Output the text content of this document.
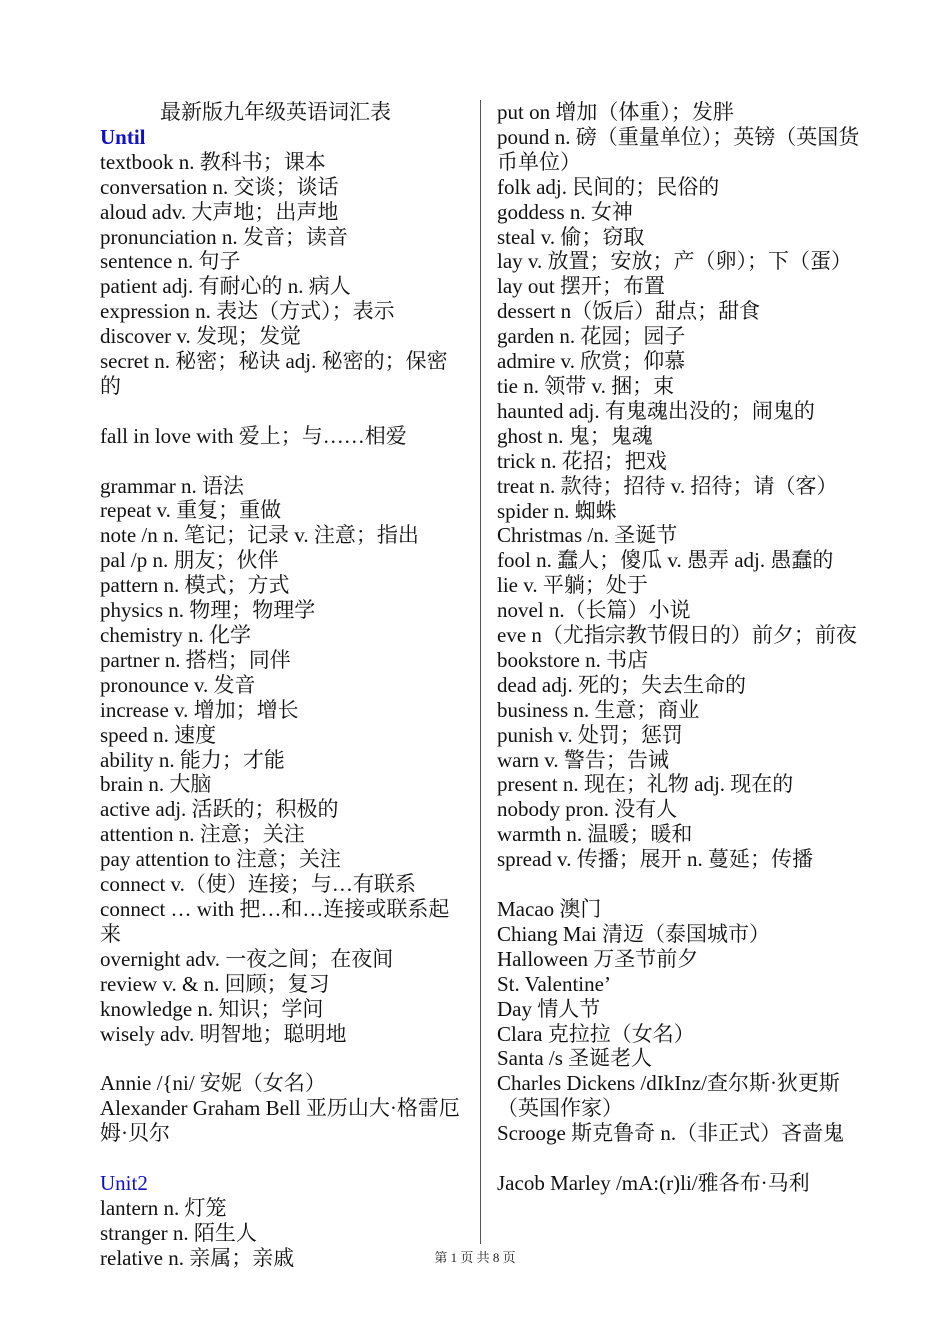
最新版九年级英语词汇表

Until

textbook n. 教科书；课本

conversation n. 交谈；谈话

aloud adv. 大声地；出声地

pronunciation n. 发音；读音

sentence n. 句子

patient adj. 有耐心的 n. 病人

expression n. 表达（方式）；表示

discover v. 发现；发觉

secret n. 秘密；秘诀 adj. 秘密的；保密的

fall in love with 爱上；与……相爱

grammar n. 语法

repeat v. 重复；重做

note /n n. 笔记；记录 v. 注意；指出

pal /p n. 朋友；伙伴

pattern n. 模式；方式

physics n. 物理；物理学

chemistry n. 化学

partner n. 搭档；同伴

pronounce v. 发音

increase v. 增加；增长

speed n. 速度

ability n. 能力；才能

brain n. 大脑

active adj. 活跃的；积极的

attention n. 注意；关注

pay attention to 注意；关注

connect v.（使）连接；与…有联系

connect … with 把…和…连接或联系起来

overnight adv. 一夜之间；在夜间

review v. & n. 回顾；复习

knowledge n. 知识；学问

wisely adv. 明智地；聪明地

Annie /{ni/ 安妮（女名）

Alexander Graham Bell 亚历山大·格雷厄姆·贝尔

Unit2

lantern n. 灯笼

stranger n. 陌生人

relative n. 亲属；亲戚

put on 增加（体重）；发胖

pound n. 磅（重量单位）；英镑（英国货币单位）

folk adj. 民间的；民俗的

goddess n. 女神

steal v. 偷；窃取

lay v. 放置；安放；产（卵）；下（蛋）

lay out 摆开；布置

dessert n（饭后）甜点；甜食

garden n. 花园；园子

admire v. 欣赏；仰慕

tie n. 领带 v. 捆；束

haunted adj. 有鬼魂出没的；闹鬼的

ghost n. 鬼；鬼魂

trick n. 花招；把戏

treat n. 款待；招待 v. 招待；请（客）

spider n. 蜘蛛

Christmas /n. 圣诞节

fool n. 蠢人；傻瓜 v. 愚弄 adj. 愚蠢的

lie v. 平躺；处于

novel n.（长篇）小说

eve n（尤指宗教节假日的）前夕；前夜

bookstore n. 书店

dead adj. 死的；失去生命的

business n. 生意；商业

punish v. 处罚；惩罚

warn v. 警告；告诫

present n. 现在；礼物 adj. 现在的

nobody pron. 没有人

warmth n. 温暖；暖和

spread v. 传播；展开 n. 蔓延；传播

Macao 澳门

Chiang Mai 清迈（泰国城市）

Halloween 万圣节前夕

St. Valentine’

Day 情人节

Clara 克拉拉（女名）

Santa /s 圣诞老人

Charles Dickens /dIkInz/查尔斯·狄更斯（英国作家）

Scrooge 斯克鲁奇 n.（非正式）吝啬鬼

Jacob Marley /mA:(r)li/雅各布·马利

第 1 页 共 8 页
